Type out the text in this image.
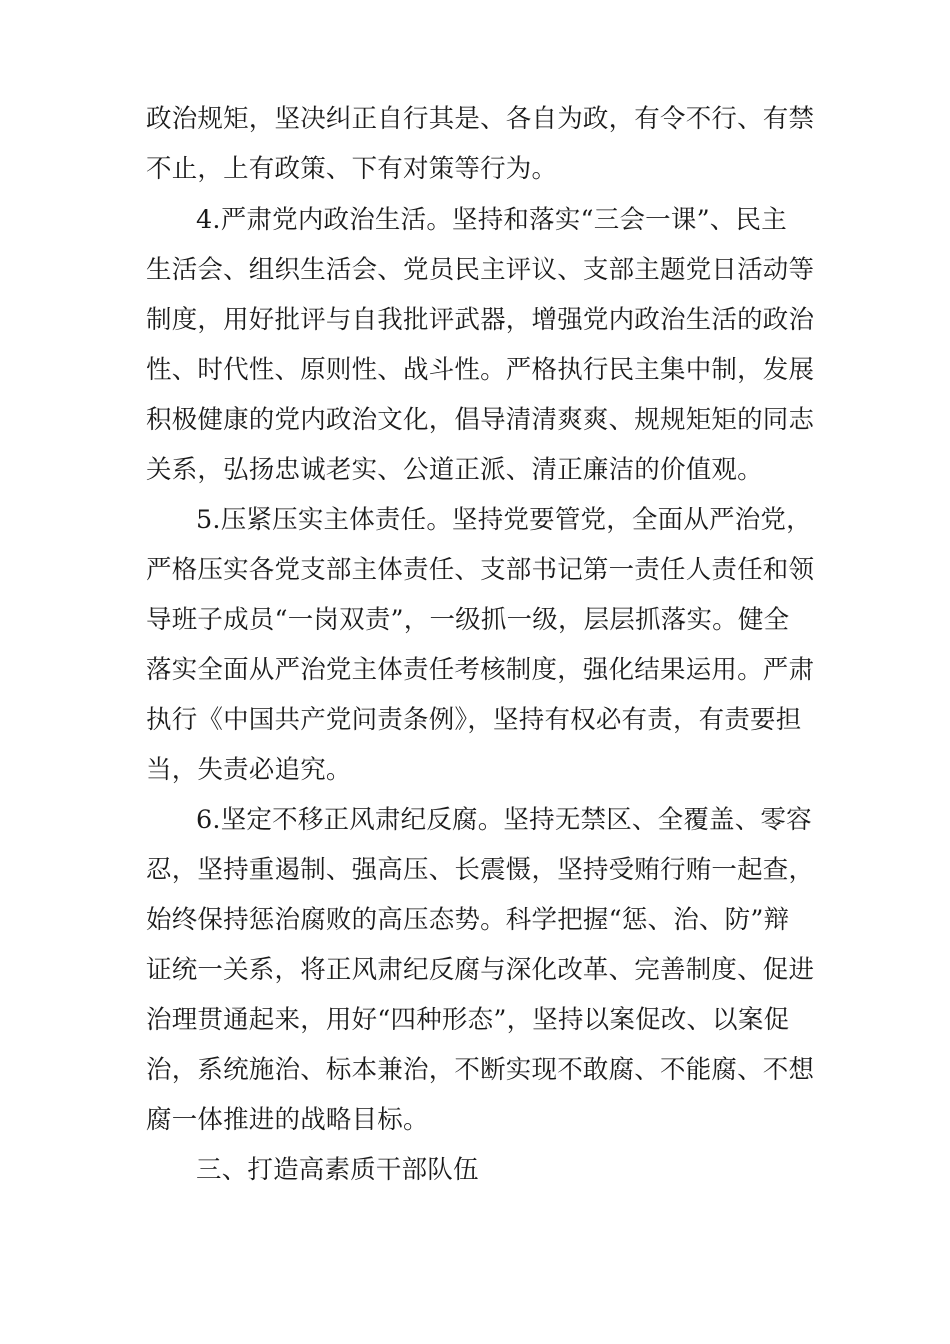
政治规矩，坚决纠正自行其是、各自为政，有令不行、有禁
不止，上有政策、下有对策等行为。
4.严肃党内政治生活。坚持和落实“三会一课”、民主
生活会、组织生活会、党员民主评议、支部主题党日活动等
制度，用好批评与自我批评武器，增强党内政治生活的政治
性、时代性、原则性、战斗性。严格执行民主集中制，发展
积极健康的党内政治文化，倡导清清爽爽、规规矩矩的同志
关系，弘扬忠诚老实、公道正派、清正廉洁的价值观。
5.压紧压实主体责任。坚持党要管党，全面从严治党，
严格压实各党支部主体责任、支部书记第一责任人责任和领
导班子成员“一岗双责”，一级抓一级，层层抓落实。健全
落实全面从严治党主体责任考核制度，强化结果运用。严肃
执行《中国共产党问责条例》，坚持有权必有责，有责要担
当，失责必追究。
6.坚定不移正风肃纪反腐。坚持无禁区、全覆盖、零容
忍，坚持重遏制、强高压、长震慑，坚持受贿行贿一起查，
始终保持惩治腐败的高压态势。科学把握“惩、治、防”辩
证统一关系，将正风肃纪反腐与深化改革、完善制度、促进
治理贯通起来，用好“四种形态”，坚持以案促改、以案促
治，系统施治、标本兼治，不断实现不敢腐、不能腐、不想
腐一体推进的战略目标。
三、打造高素质干部队伍
